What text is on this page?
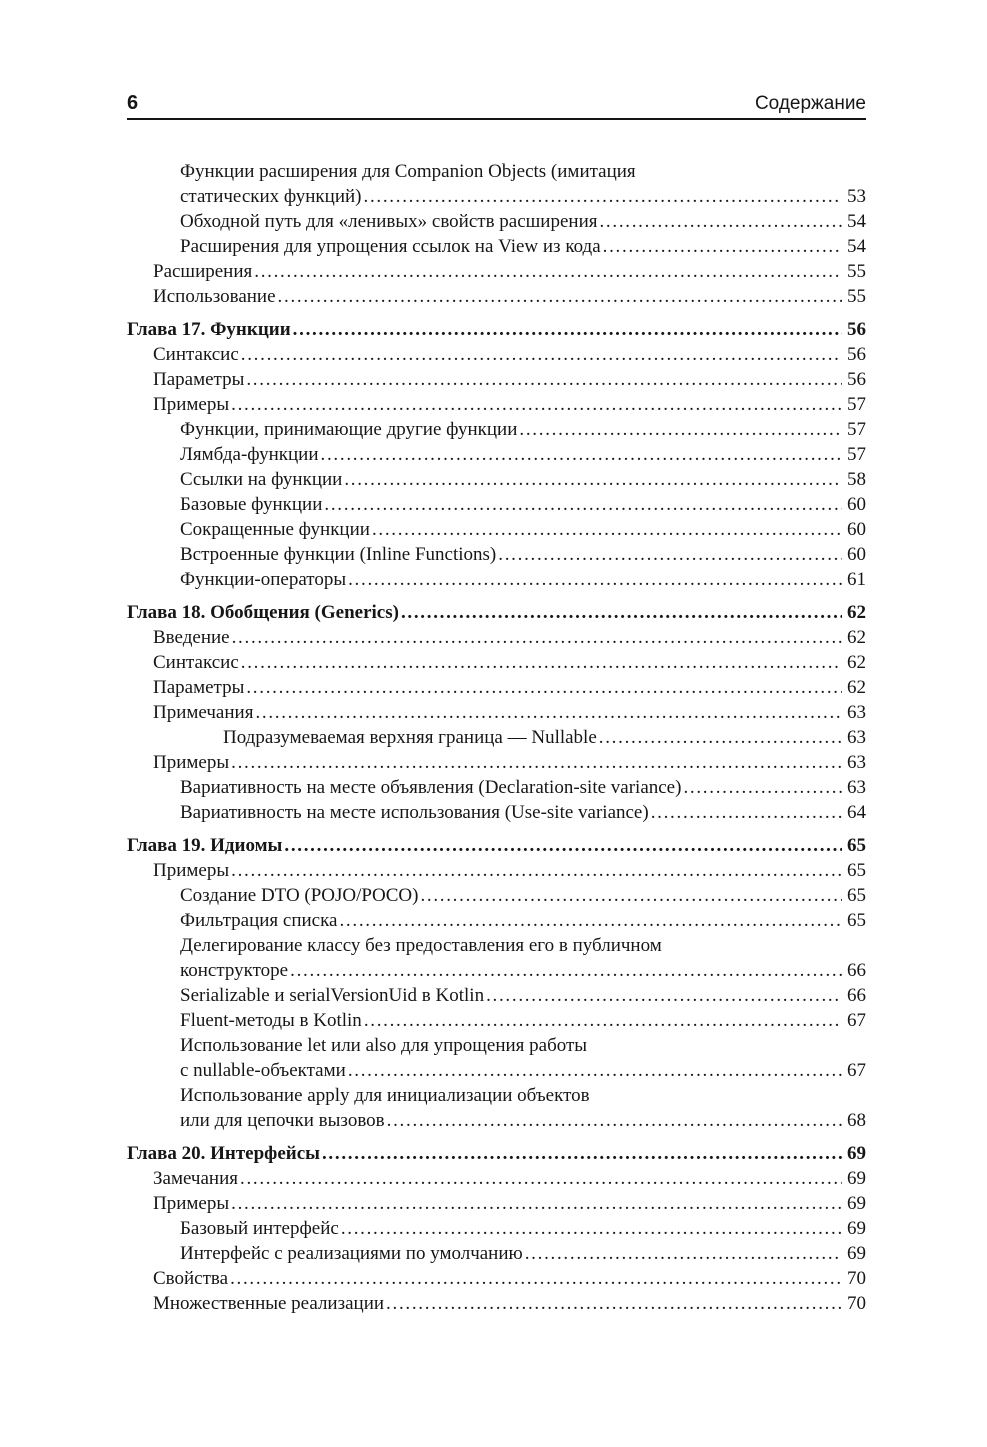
6	Содержание
Функции расширения для Companion Objects (имитация
статических функций) .....	53
Обходной путь для «ленивых» свойств расширения .....	54
Расширения для упрощения ссылок на View из кода .....	54
Расширения .....	55
Использование .....	55
Глава 17. Функции .....	56
Синтаксис .....	56
Параметры .....	56
Примеры .....	57
Функции, принимающие другие функции .....	57
Лямбда-функции .....	57
Ссылки на функции .....	58
Базовые функции .....	60
Сокращенные функции .....	60
Встроенные функции (Inline Functions) .....	60
Функции-операторы .....	61
Глава 18. Обобщения (Generics) .....	62
Введение .....	62
Синтаксис .....	62
Параметры .....	62
Примечания .....	63
Подразумеваемая верхняя граница — Nullable .....	63
Примеры .....	63
Вариативность на месте объявления (Declaration-site variance) .....	63
Вариативность на месте использования (Use-site variance) .....	64
Глава 19. Идиомы .....	65
Примеры .....	65
Создание DTO (POJO/POCO) .....	65
Фильтрация списка .....	65
Делегирование классу без предоставления его в публичном
конструкторе .....	66
Serializable и serialVersionUid в Kotlin .....	66
Fluent-методы в Kotlin .....	67
Использование let или also для упрощения работы
с nullable-объектами .....	67
Использование apply для инициализации объектов
или для цепочки вызовов .....	68
Глава 20. Интерфейсы .....	69
Замечания .....	69
Примеры .....	69
Базовый интерфейс .....	69
Интерфейс с реализациями по умолчанию .....	69
Свойства .....	70
Множественные реализации .....	70
